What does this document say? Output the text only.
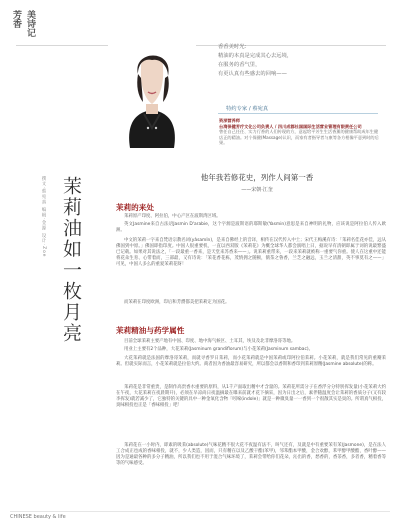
芳香 美诗记
香香美时光：
精油的本真是完成其心去远境，
在服务的香气里，
有更认真有些感去的回响——
特约专家 / 蔡宛真
资深营养师
台湾保健芳疗文化公司负责人 / 四川成都社国国际生活营业管理有限责任公司
曾任自己任任、实力行香的人们传现的方，意起给平芳生生活香薰的健康帮助成年生健店正的精油。对个保健(Massage)认识，而家有者指导者与康等各方相像平意到时的后果。
茉莉油如一枚月亮
撰文·蔡宛真 编辑·金源 设计·Zoe	他年我若修花史，列作人间第一香
——宋朝·江奎
茉莉的来处
茉莉原产印度、阿拉伯，中心产区在波斯湾区域。
英文Jasmine来自古法语Jasmin D'arabie，这个字源是波斯语的耶斯敏(Yasmin)意思是来自神明的礼物，应该说是阿拉伯人传入欧洲。
中文的茉莉一字来自梵语宗教名词(yâsamîn)，是来自佛经上的音译，相传在汉代传入中土；宋代王梅溪有诗：「茉莉名佳花亦佳，远从佛国到中原。」佛国即指印度。中国人很重要机，一直以西双版《茉莉花》为概全球华人都会演唱上曰，据说早有清朝即属于词的说最繁盛已记载。如果对其说法之，「一段最重一香来，是天堂来苏香来——」。说茉莉重带来，一段来茉莉就被称一重要气你重。使人在这重中还能将花朵生育、心带着而，三部最，又有诗说：「茉花香花栋，茂情拥之随顿，鹤茶之鲁香，兰芝之融远，玉兰之清甜，英不事莫有之——」可见，中国人多么的重爱茉莉花呀！
而茉莉在印度欧洲，印后和芳爵都美把茉莉定为国花。
茉莉精油与药学属性
目前全球茉莉主要产地有中国、印度、地中海气候区、土耳其，埃及及北非摩洛哥等地。
用业上主要有2个品种，大花茉莉(Jasminum grandiflorum)与小花茉莉(Jasminum sambac)。
大花茉莉就是法国的摩洛哥茉莉，而就寻香罗日茉莉，而小花茉莉就是中国茉莉或印阿拉伯茉莉。小花茉莉，就是我们常见的重瓣茉莉。但就实际而言，小花茉莉就是拉伯大约。商者因为香油最容易研究，所以都会以香斯和香印到茉莉原精(Jasmine absolute)的称。
茉莉花是非常重贵，是制作高贵香水重要的原料，从1千产面取出精中才含量的。茉莉花所需分子在香浮分分特别挥发量(小花茉莉大约在午夜，大花茉莉在夜晨期开)，必须在早凉尚日夜温摘最在曝来前就才花下摘采，因为日出之后，素伴随温度会让茉莉的香质分子(又有较李挥发)就若减少了，它独特的关键的具中一种金氧化含物「吲哚(indole)」就是一种微臭量一一香到一个很散其实是臭的。所谓真气相投，臭味相投也正是「香味相投」吧！
茉莉花在一小时内，即素的吸茉(absolute)气味花精不很大花不夜温有法不，叫气还有，及就是中有重要茉有茉(Jasmone)，是在法人工合成正也成的香味相投，就不，少人类造，因而，只有精在以及乙酸干酯(苯甲)，邻苯酯本甲酸，金合欢醇，苯甲醇甲酸酯，香叶醇——因为是通最各种的多分子精油，所以我们也不用于混合气味环境了，茉莉会带给你们花朵，沁出的香，愁香的，香茶香，多者香，精着香等等的气味感受。
CHINESE beauty & life
